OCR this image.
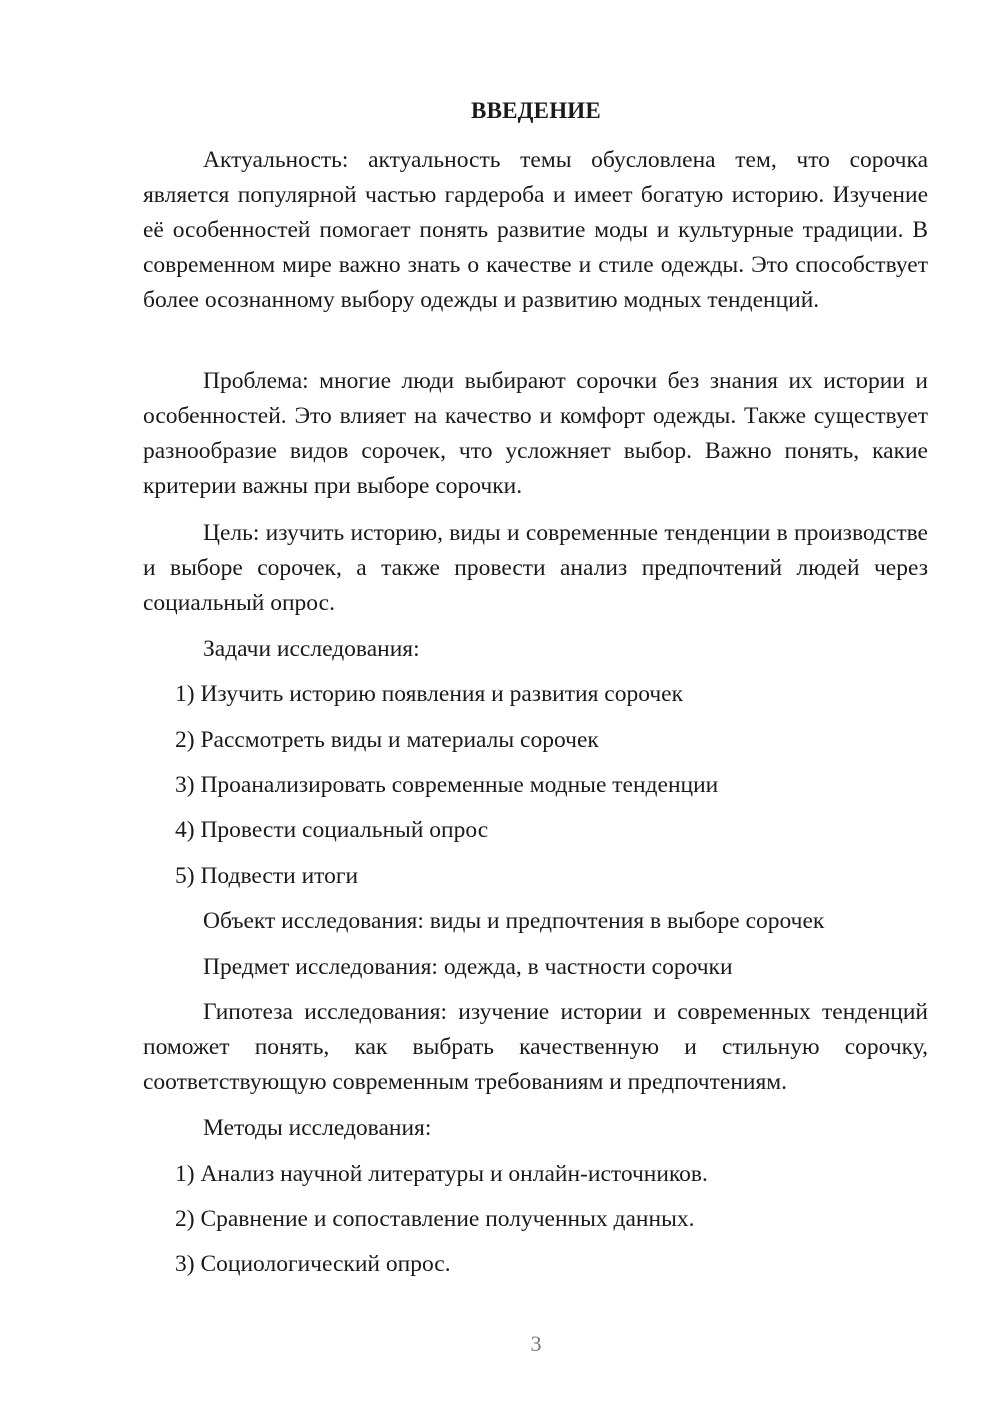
ВВЕДЕНИЕ
Актуальность: актуальность темы обусловлена тем, что сорочка является популярной частью гардероба и имеет богатую историю. Изучение её особенностей помогает понять развитие моды и культурные традиции. В современном мире важно знать о качестве и стиле одежды. Это способствует более осознанному выбору одежды и развитию модных тенденций.
Проблема: многие люди выбирают сорочки без знания их истории и особенностей. Это влияет на качество и комфорт одежды. Также существует разнообразие видов сорочек, что усложняет выбор. Важно понять, какие критерии важны при выборе сорочки.
Цель: изучить историю, виды и современные тенденции в производстве и выборе сорочек, а также провести анализ предпочтений людей через социальный опрос.
Задачи исследования:
1) Изучить историю появления и развития сорочек
2) Рассмотреть виды и материалы сорочек
3) Проанализировать современные модные тенденции
4) Провести социальный опрос
5) Подвести итоги
Объект исследования: виды и предпочтения в выборе сорочек
Предмет исследования: одежда, в частности сорочки
Гипотеза исследования: изучение истории и современных тенденций поможет понять, как выбрать качественную и стильную сорочку, соответствующую современным требованиям и предпочтениям.
Методы исследования:
1) Анализ научной литературы и онлайн-источников.
2) Сравнение и сопоставление полученных данных.
3) Социологический опрос.
3
